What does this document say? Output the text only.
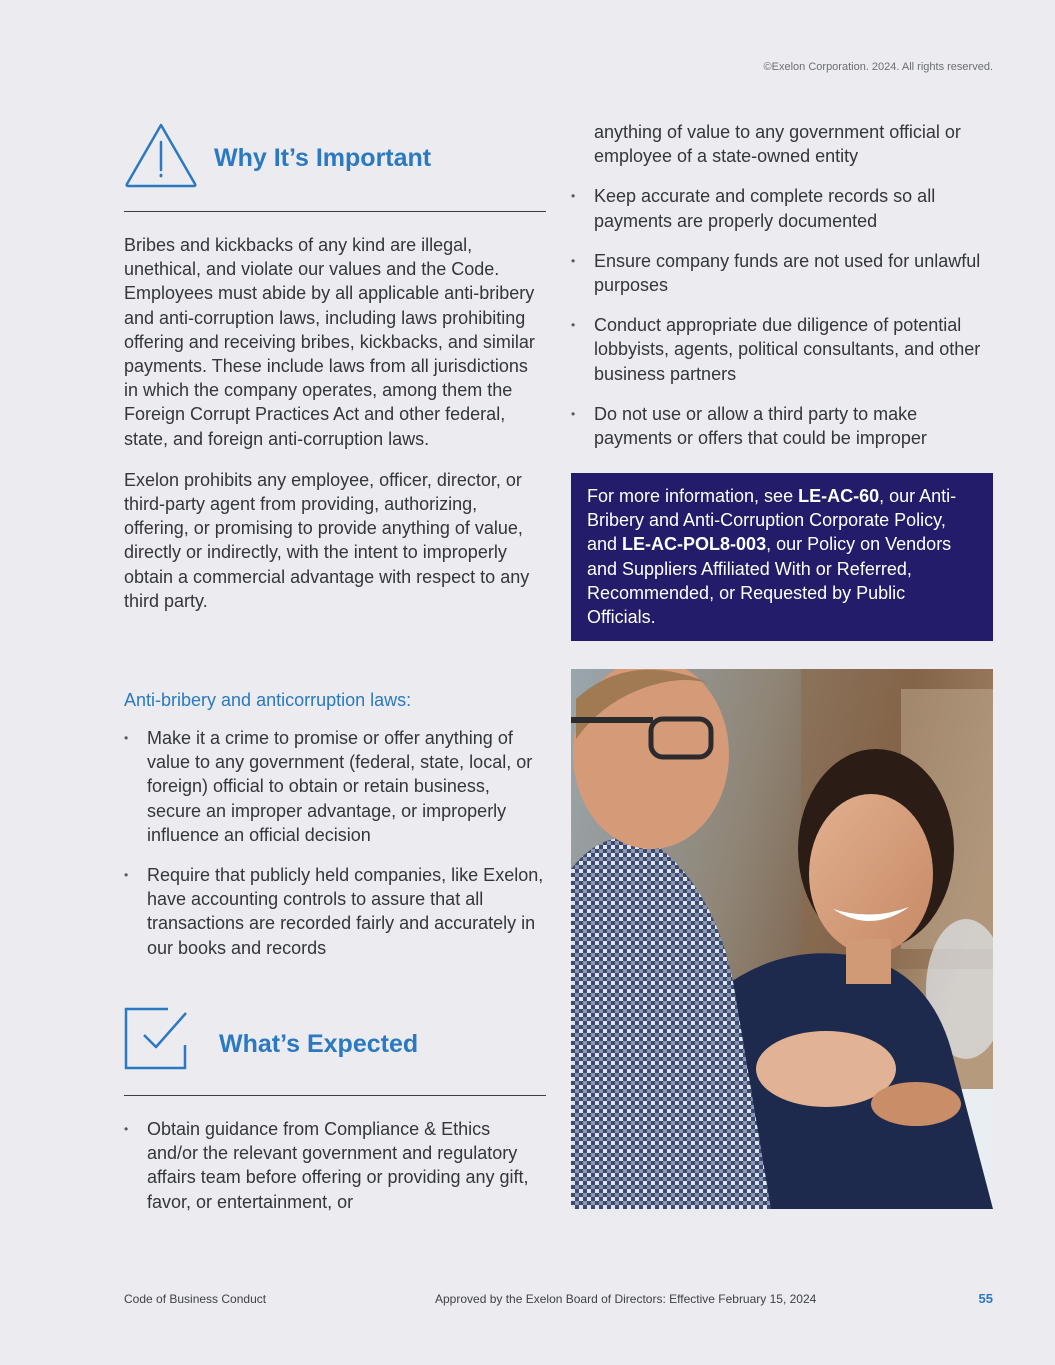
©Exelon Corporation. 2024. All rights reserved.
Why It’s Important

Bribes and kickbacks of any kind are illegal, unethical, and violate our values and the Code. Employees must abide by all applicable anti-bribery and anti-corruption laws, including laws prohibiting offering and receiving bribes, kickbacks, and similar payments. These include laws from all jurisdictions in which the company operates, among them the Foreign Corrupt Practices Act and other federal, state, and foreign anti-corruption laws.

Exelon prohibits any employee, officer, director, or third-party agent from providing, authorizing, offering, or promising to provide anything of value, directly or indirectly, with the intent to improperly obtain a commercial advantage with respect to any third party.

Anti-bribery and anticorruption laws:

• Make it a crime to promise or offer anything of value to any government (federal, state, local, or foreign) official to obtain or retain business, secure an improper advantage, or improperly influence an official decision
• Require that publicly held companies, like Exelon, have accounting controls to assure that all transactions are recorded fairly and accurately in our books and records
What’s Expected
• Obtain guidance from Compliance & Ethics and/or the relevant government and regulatory affairs team before offering or providing any gift, favor, or entertainment, or

anything of value to any government official or employee of a state-owned entity

• Keep accurate and complete records so all payments are properly documented
• Ensure company funds are not used for unlawful purposes
• Conduct appropriate due diligence of potential lobbyists, agents, political consultants, and other business partners
• Do not use or allow a third party to make payments or offers that could be improper
For more information, see LE-AC-60, our Anti-Bribery and Anti-Corruption Corporate Policy, and LE-AC-POL8-003, our Policy on Vendors and Suppliers Affiliated With or Referred, Recommended, or Requested by Public Officials.
Code of Business Conduct	Approved by the Exelon Board of Directors: Effective February 15, 2024	55
